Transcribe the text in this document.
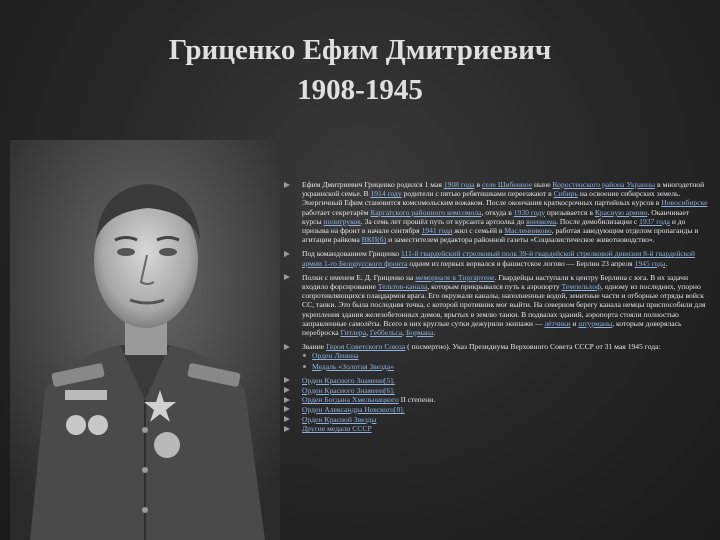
Гриценко Ефим Дмитриевич
1908-1945
Ефим Дмитриевич Гриценко родился 1 мая 1908 года в селе Шибенное ныне Коростенского района Украины в многодетной украинской семье. В 1914 году родители с пятью ребятишками переезжают в Сибирь на освоение сибирских земель. Энергичный Ефим становится комсомольским вожаком. После окончания краткосрочных партийных курсов в Новосибирске работает секретарём Каргатского районного комсомола, откуда в 1930 году призывается в Красную армию. Оканчивает курсы политруков. За семь лет прошёл путь от курсанта артполка до военкома. После демобилизации с 1937 года и до призыва на фронт в начале сентября 1941 года жил с семьёй в Масленниково, работая заведующим отделом пропаганды и агитации райкома ВКП(б) и заместителем редактора районной газеты «Социалистическое животноводство».
Под командованием Гриценко 111-й гвардейский стрелковый полк 39-й гвардейской стрелковой дивизии 8-й гвардейской армии 1-го Белорусского фронта одним из первых ворвался в фашистское логово — Берлин 23 апреля 1945 года.
Полки с именем Е. Д. Гриценко на мемориале в Тиргартене. Гвардейцы наступали к центру Берлина с юга. В их задачи входило форсирование Тельтов-канала, которым прикрывался путь к аэропорту Темпельхоф, одному из последних, упорно сопротивляющихся плацдармов врага. Его окружали каналы, наполненные водой, зенитные части и отборные отряды войск СС, танки. Это была последняя точка, с которой противник мог выйти. На северном берегу канала немцы приспособили для укрепления здания железобетонных домов, врытых в землю танки. В подвалах зданий, аэропорта стояли полностью заправленные самолёты. Всего в них круглые сутки дежурили экипажи — лётчики и штурманы, которым доверялась переброска Гитлера, Геббельса, Бормана.
Звание Героя Советского Союза ( посмертно). Указ Президиума Верховного Совета СССР от 31 мая 1945 года:
Орден Ленина
Медаль «Золотая Звезда»
Орден Красного Знамени[5].
Орден Красного Знамени[6].
Орден Богдана Хмельницкого II степени.
Орден Александра Невского[8].
Орден Красной Звезды
Другие медали СССР
